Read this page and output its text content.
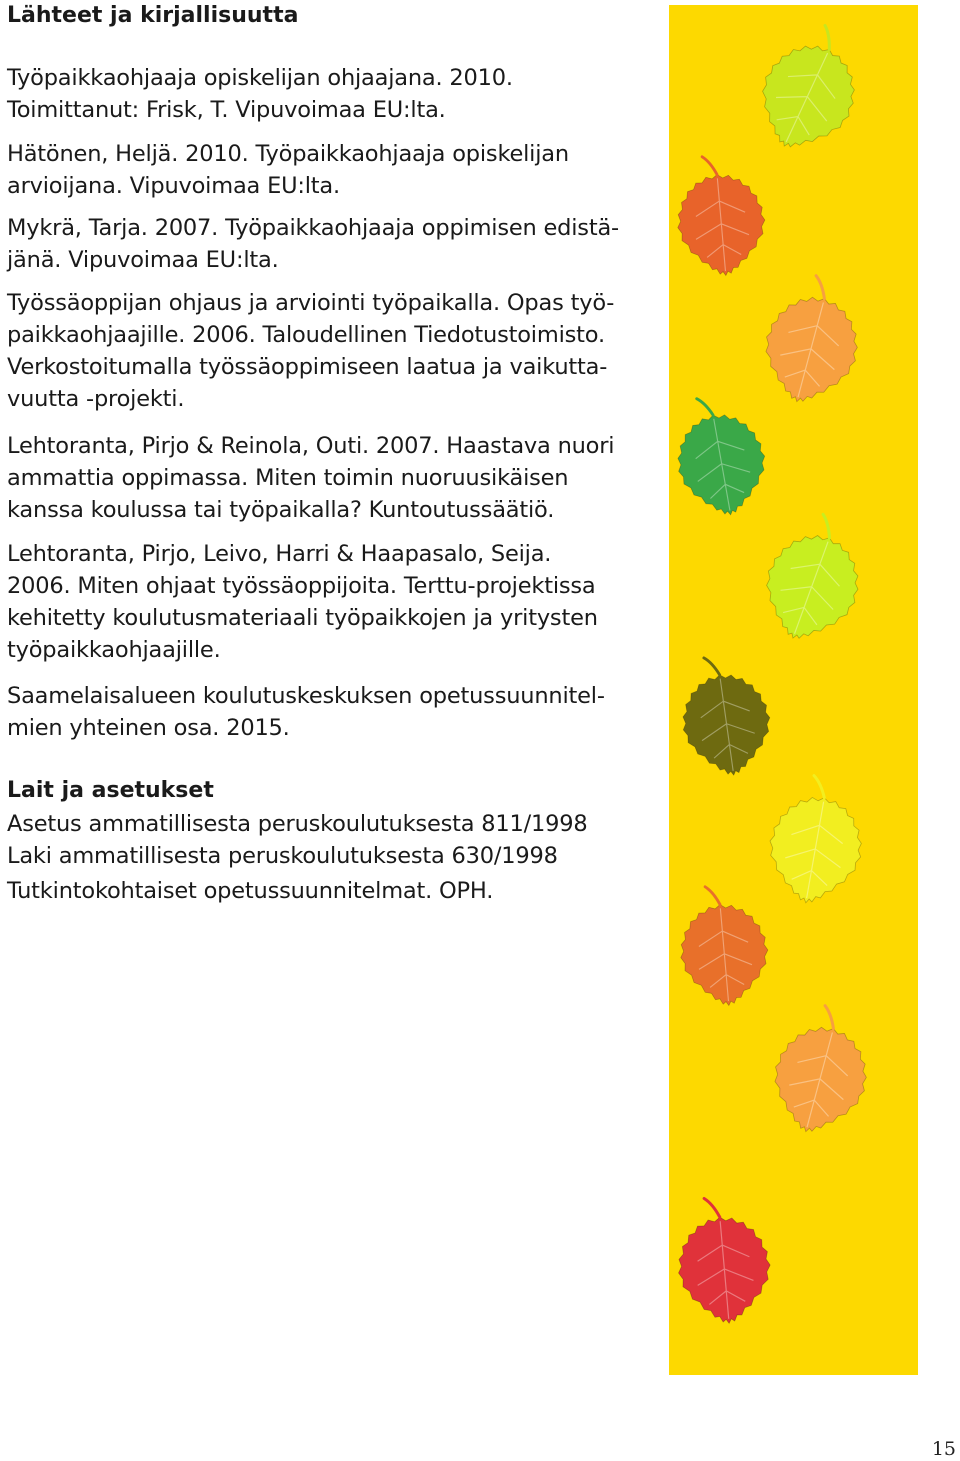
Lähteet ja kirjallisuutta

Työpaikkaohjaaja opiskelijan ohjaajana. 2010.
Toimittanut: Frisk, T. Vipuvoimaa EU:lta.

Hätönen, Heljä. 2010. Työpaikkaohjaaja opiskelijan
arvioijana. Vipuvoimaa EU:lta.

Mykrä, Tarja. 2007. Työpaikkaohjaaja oppimisen edistä-
jänä. Vipuvoimaa EU:lta.

Työssäoppijan ohjaus ja arviointi työpaikalla. Opas työ-
paikkaohjaajille. 2006. Taloudellinen Tiedotustoimisto.
Verkostoitumalla työssäoppimiseen laatua ja vaikutta-
vuutta -projekti.

Lehtoranta, Pirjo & Reinola, Outi. 2007. Haastava nuori
ammattia oppimassa. Miten toimin nuoruusikäisen
kanssa koulussa tai työpaikalla? Kuntoutussäätiö.

Lehtoranta, Pirjo, Leivo, Harri & Haapasalo, Seija.
2006. Miten ohjaat työssäoppijoita. Terttu-projektissa
kehitetty koulutusmateriaali työpaikkojen ja yritysten
työpaikkaohjaajille.

Saamelaisalueen koulutuskeskuksen opetussuunnitel-
mien yhteinen osa. 2015.

Lait ja asetukset

Asetus ammatillisesta peruskoulutuksesta 811/1998

Laki ammatillisesta peruskoulutuksesta 630/1998

Tutkintokohtaiset opetussuunnitelmat. OPH.

15
